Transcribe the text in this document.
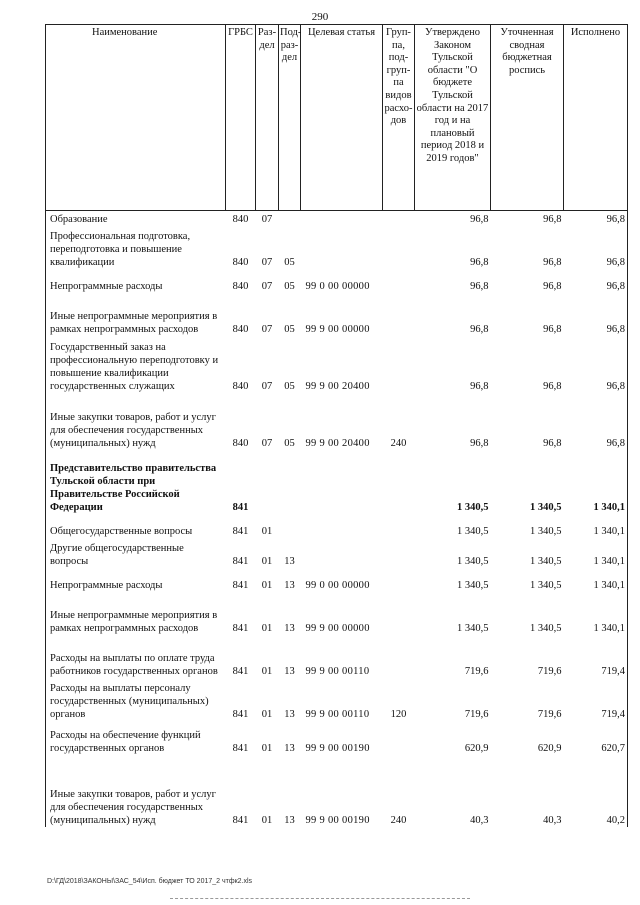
290
Наименование	ГРБС	Раз-дел	Под-раз-дел	Целевая статья	Груп-па, под-груп-па видов расхо-дов	Утверждено Законом Тульской области "О бюджете Тульской области на 2017 год и на плановый период 2018 и 2019 годов"	Уточненная сводная бюджетная роспись	Исполнено
Образование	840	07				96,8	96,8	96,8
Профессиональная подготовка, переподготовка и повышение квалификации	840	07	05			96,8	96,8	96,8
Непрограммные расходы	840	07	05	99 0 00 00000		96,8	96,8	96,8
Иные непрограммные мероприятия в рамках непрограммных расходов	840	07	05	99 9 00 00000		96,8	96,8	96,8
Государственный заказ на профессиональную переподготовку и повышение квалификации государственных служащих	840	07	05	99 9 00 20400		96,8	96,8	96,8
Иные закупки товаров, работ и услуг для обеспечения государственных (муниципальных) нужд	840	07	05	99 9 00 20400	240	96,8	96,8	96,8
Представительство правительства Тульской области при Правительстве Российской Федерации	841					1 340,5	1 340,5	1 340,1
Общегосударственные вопросы	841	01				1 340,5	1 340,5	1 340,1
Другие общегосударственные вопросы	841	01	13			1 340,5	1 340,5	1 340,1
Непрограммные расходы	841	01	13	99 0 00 00000		1 340,5	1 340,5	1 340,1
Иные непрограммные мероприятия в рамках непрограммных расходов	841	01	13	99 9 00 00000		1 340,5	1 340,5	1 340,1
Расходы на выплаты по оплате труда работников государственных органов	841	01	13	99 9 00 00110		719,6	719,6	719,4
Расходы на выплаты персоналу государственных (муниципальных) органов	841	01	13	99 9 00 00110	120	719,6	719,6	719,4
Расходы на обеспечение функций государственных органов	841	01	13	99 9 00 00190		620,9	620,9	620,7
Иные закупки товаров, работ и услуг для обеспечения государственных (муниципальных) нужд	841	01	13	99 9 00 00190	240	40,3	40,3	40,2
D:\ГД\2018\ЗАКОНЫ\ЗАС_54\Исп. бюджет ТО 2017_2 чтфк2.xls
